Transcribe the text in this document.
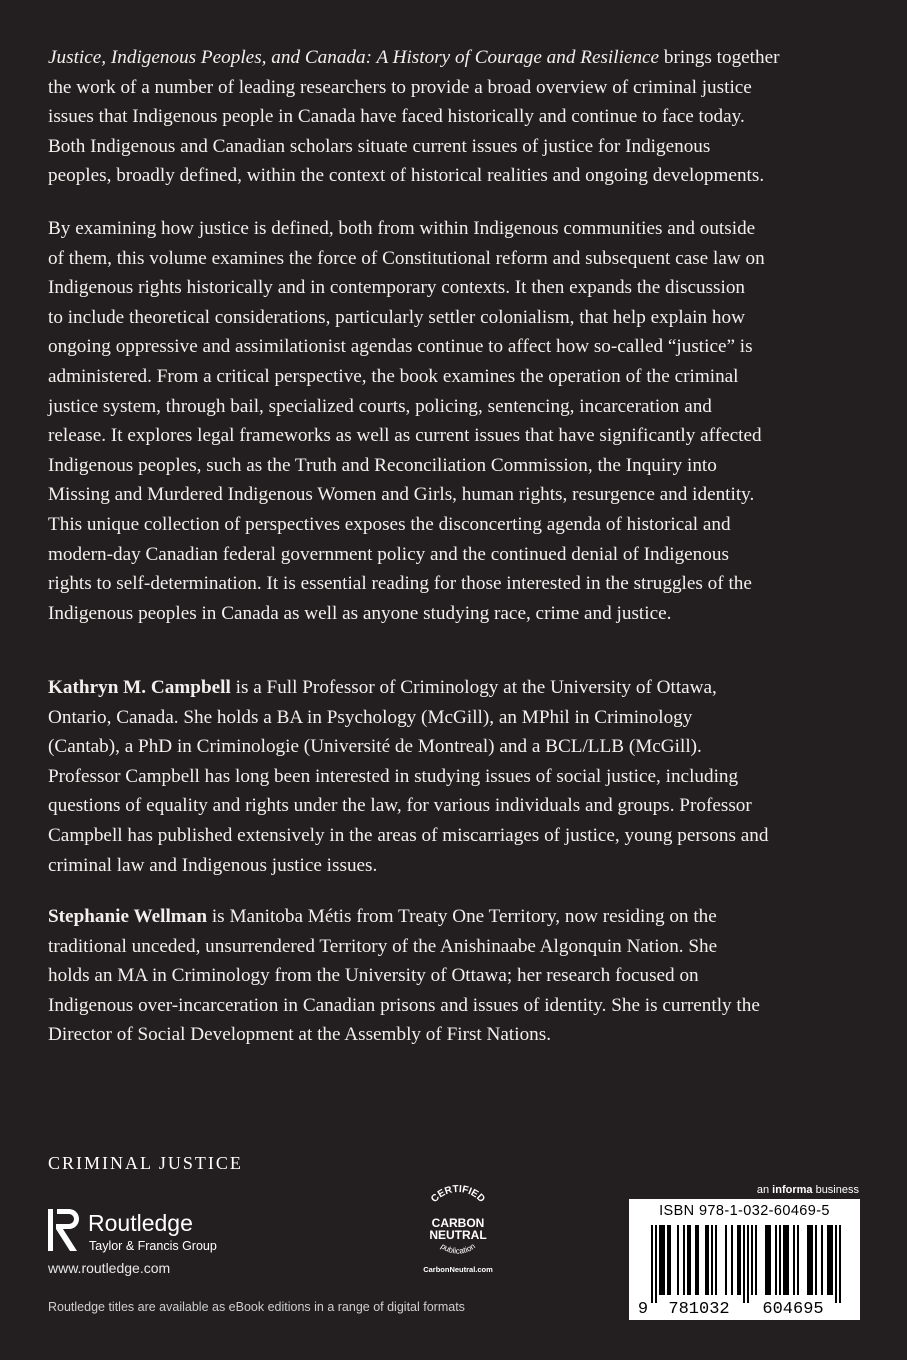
Justice, Indigenous Peoples, and Canada: A History of Courage and Resilience brings together
the work of a number of leading researchers to provide a broad overview of criminal justice
issues that Indigenous people in Canada have faced historically and continue to face today.
Both Indigenous and Canadian scholars situate current issues of justice for Indigenous
peoples, broadly defined, within the context of historical realities and ongoing developments.

By examining how justice is defined, both from within Indigenous communities and outside
of them, this volume examines the force of Constitutional reform and subsequent case law on
Indigenous rights historically and in contemporary contexts. It then expands the discussion
to include theoretical considerations, particularly settler colonialism, that help explain how
ongoing oppressive and assimilationist agendas continue to affect how so-called “justice” is
administered. From a critical perspective, the book examines the operation of the criminal
justice system, through bail, specialized courts, policing, sentencing, incarceration and
release. It explores legal frameworks as well as current issues that have significantly affected
Indigenous peoples, such as the Truth and Reconciliation Commission, the Inquiry into
Missing and Murdered Indigenous Women and Girls, human rights, resurgence and identity.
This unique collection of perspectives exposes the disconcerting agenda of historical and
modern-day Canadian federal government policy and the continued denial of Indigenous
rights to self-determination. It is essential reading for those interested in the struggles of the
Indigenous peoples in Canada as well as anyone studying race, crime and justice.

Kathryn M. Campbell is a Full Professor of Criminology at the University of Ottawa,
Ontario, Canada. She holds a BA in Psychology (McGill), an MPhil in Criminology
(Cantab), a PhD in Criminologie (Université de Montreal) and a BCL/LLB (McGill).
Professor Campbell has long been interested in studying issues of social justice, including
questions of equality and rights under the law, for various individuals and groups. Professor
Campbell has published extensively in the areas of miscarriages of justice, young persons and
criminal law and Indigenous justice issues.

Stephanie Wellman is Manitoba Métis from Treaty One Territory, now residing on the
traditional unceded, unsurrendered Territory of the Anishinaabe Algonquin Nation. She
holds an MA in Criminology from the University of Ottawa; her research focused on
Indigenous over-incarceration in Canadian prisons and issues of identity. She is currently the
Director of Social Development at the Assembly of First Nations.

CRIMINAL JUSTICE
Routledge
Taylor & Francis Group
www.routledge.com
Routledge titles are available as eBook editions in a range of digital formats
CERTIFIED
CARBON
NEUTRAL
publication
CarbonNeutral.com
an informa business
ISBN 978-1-032-60469-5
9 781032 604695
